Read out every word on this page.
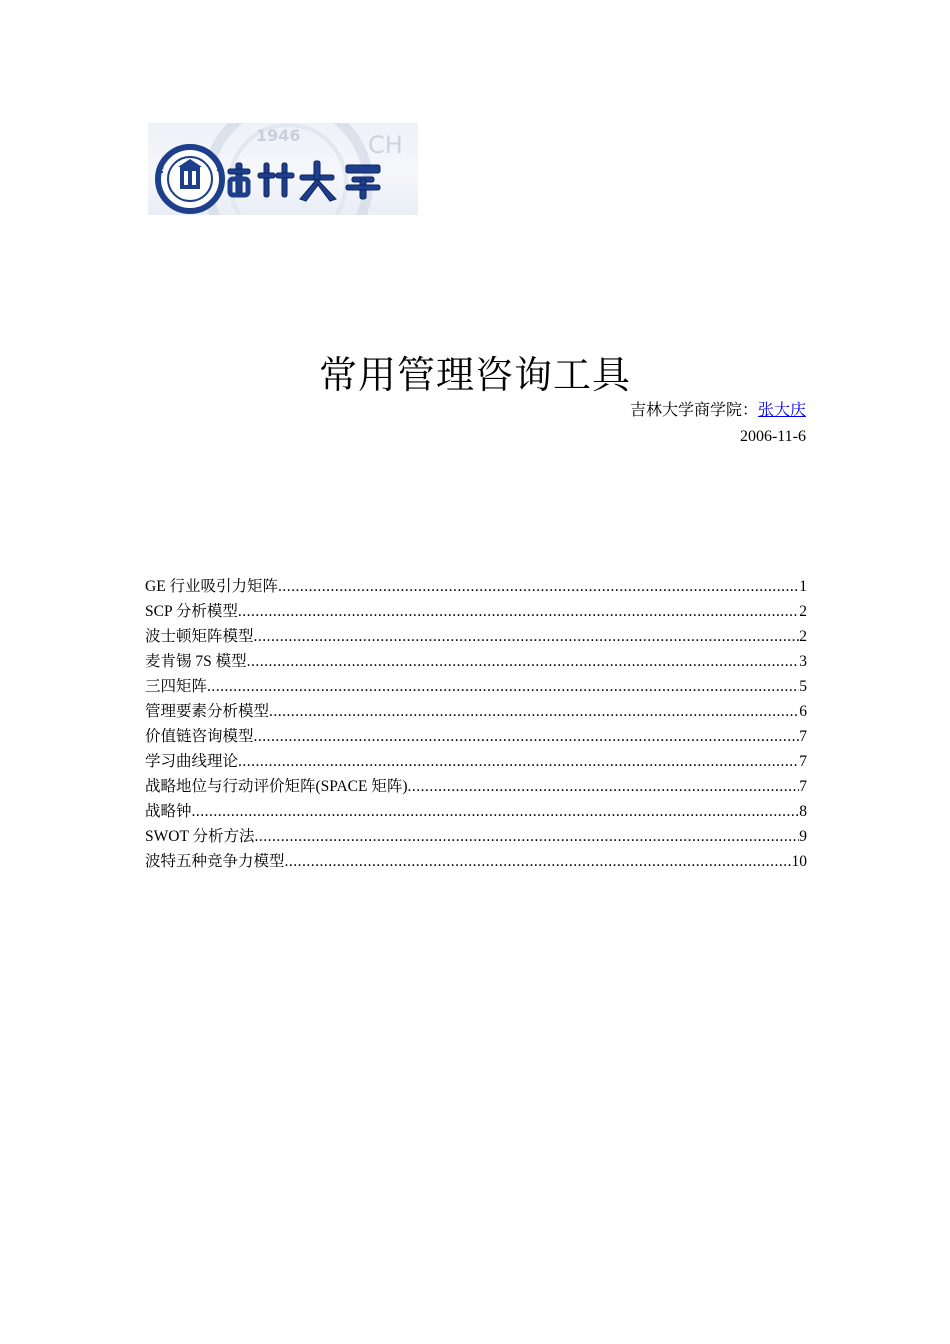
1946	CH
常用管理咨询工具
吉林大学商学院：张大庆
2006-11-6
GE 行业吸引力矩阵 .....	1
SCP 分析模型 .....	2
波士顿矩阵模型 .....	2
麦肯锡 7S 模型 .....	3
三四矩阵 .....	5
管理要素分析模型 .....	6
价值链咨询模型 .....	7
学习曲线理论 .....	7
战略地位与行动评价矩阵(SPACE 矩阵) .....	7
战略钟 .....	8
SWOT 分析方法 .....	9
波特五种竞争力模型 .....	10
